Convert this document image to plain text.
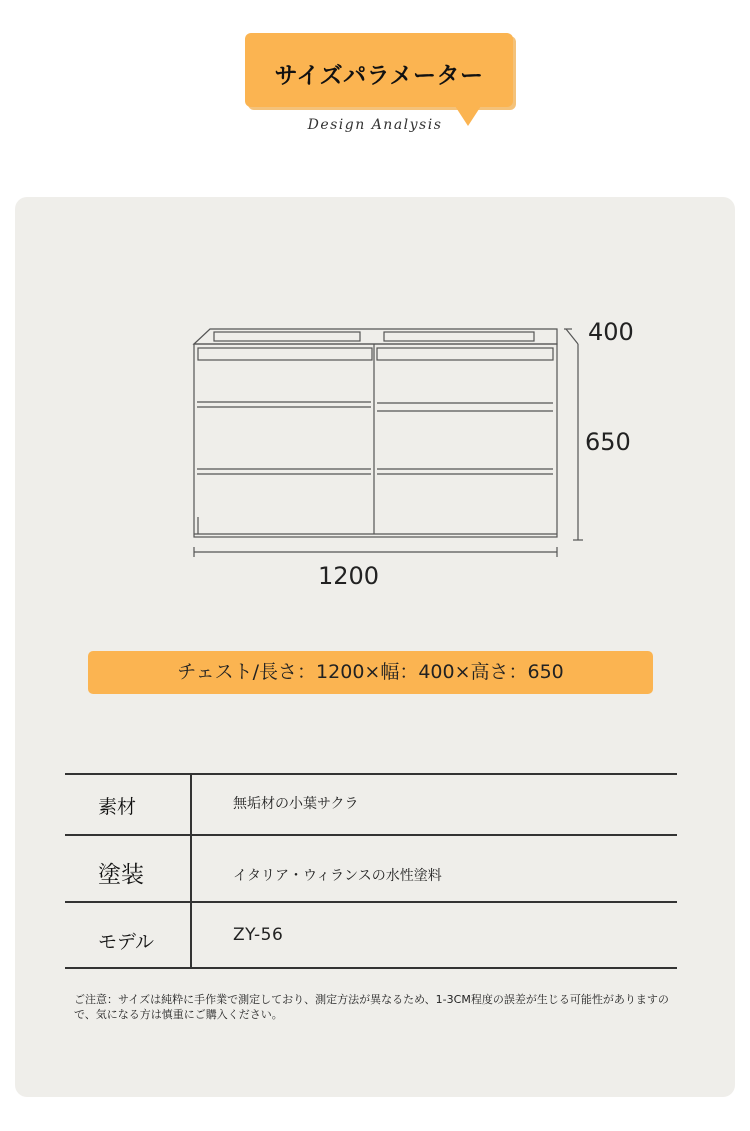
サイズパラメーター
Design Analysis
400
650
1200
チェスト/長さ：1200×幅：400×高さ：650
素材	無垢材の小葉サクラ
塗装	イタリア・ウィランスの水性塗料
モデル	ZY-56
ご注意：サイズは純粋に手作業で測定しており、測定方法が異なるため、1-3CM程度の誤差が生じる可能性がありますので、気になる方は慎重にご購入ください。
